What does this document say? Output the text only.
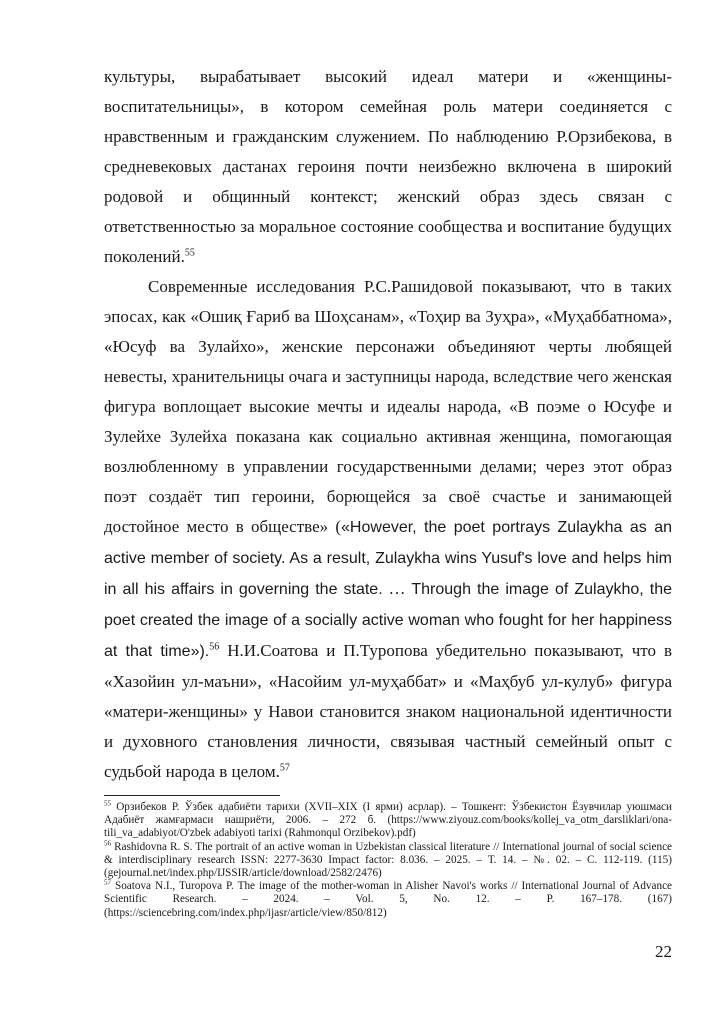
культуры, вырабатывает высокий идеал матери и «женщины-воспитательницы», в котором семейная роль матери соединяется с нравственным и гражданским служением. По наблюдению Р.Орзибекова, в средневековых дастанах героиня почти неизбежно включена в широкий родовой и общинный контекст; женский образ здесь связан с ответственностью за моральное состояние сообщества и воспитание будущих поколений.$^{55}$

Современные исследования Р.С.Рашидовой показывают, что в таких эпосах, как «Ошиқ Ғариб ва Шоҳсанам», «Тоҳир ва Зуҳра», «Муҳаббатнома», «Юсуф ва Зулайхо», женские персонажи объединяют черты любящей невесты, хранительницы очага и заступницы народа, вследствие чего женская фигура воплощает высокие мечты и идеалы народа, «В поэме о Юсуфе и Зулейхе Зулейха показана как социально активная женщина, помогающая возлюбленному в управлении государственными делами; через этот образ поэт создаёт тип героини, борющейся за своё счастье и занимающей достойное место в обществе» («However, the poet portrays Zulaykha as an active member of society. As a result, Zulaykha wins Yusuf's love and helps him in all his affairs in governing the state. … Through the image of Zulaykho, the poet created the image of a socially active woman who fought for her happiness at that time»).$^{56}$ Н.И.Соатова и П.Туропова убедительно показывают, что в «Хазойин ул-маъни», «Насойим ул-муҳаббат» и «Маҳбуб ул-кулуб» фигура «матери-женщины» у Навои становится знаком национальной идентичности и духовного становления личности, связывая частный семейный опыт с судьбой народа в целом.$^{57}$

$^{55}$ Орзибеков Р. Ўзбек адабиёти тарихи (XVII–XIX (I ярми) асрлар). – Тошкент: Ўзбекистон Ёзувчилар уюшмаси Адабиёт жамғармаси нашриёти, 2006. – 272 б. (https://www.ziyouz.com/books/kollej_va_otm_darsliklari/ona-tili_va_adabiyot/O'zbek adabiyoti tarixi (Rahmonqul Orzibekov).pdf)

$^{56}$ Rashidovna R. S. The portrait of an active woman in Uzbekistan classical literature // International journal of social science & interdisciplinary research ISSN: 2277-3630 Impact factor: 8.036. – 2025. – Т. 14. – №. 02. – С. 112-119. (115) (gejournal.net/index.php/IJSSIR/article/download/2582/2476)

$^{57}$ Soatova N.I., Turopova P. The image of the mother-woman in Alisher Navoi's works // International Journal of Advance Scientific Research. – 2024. – Vol. 5, No. 12. – P. 167–178. (167) (https://sciencebring.com/index.php/ijasr/article/view/850/812)

22
